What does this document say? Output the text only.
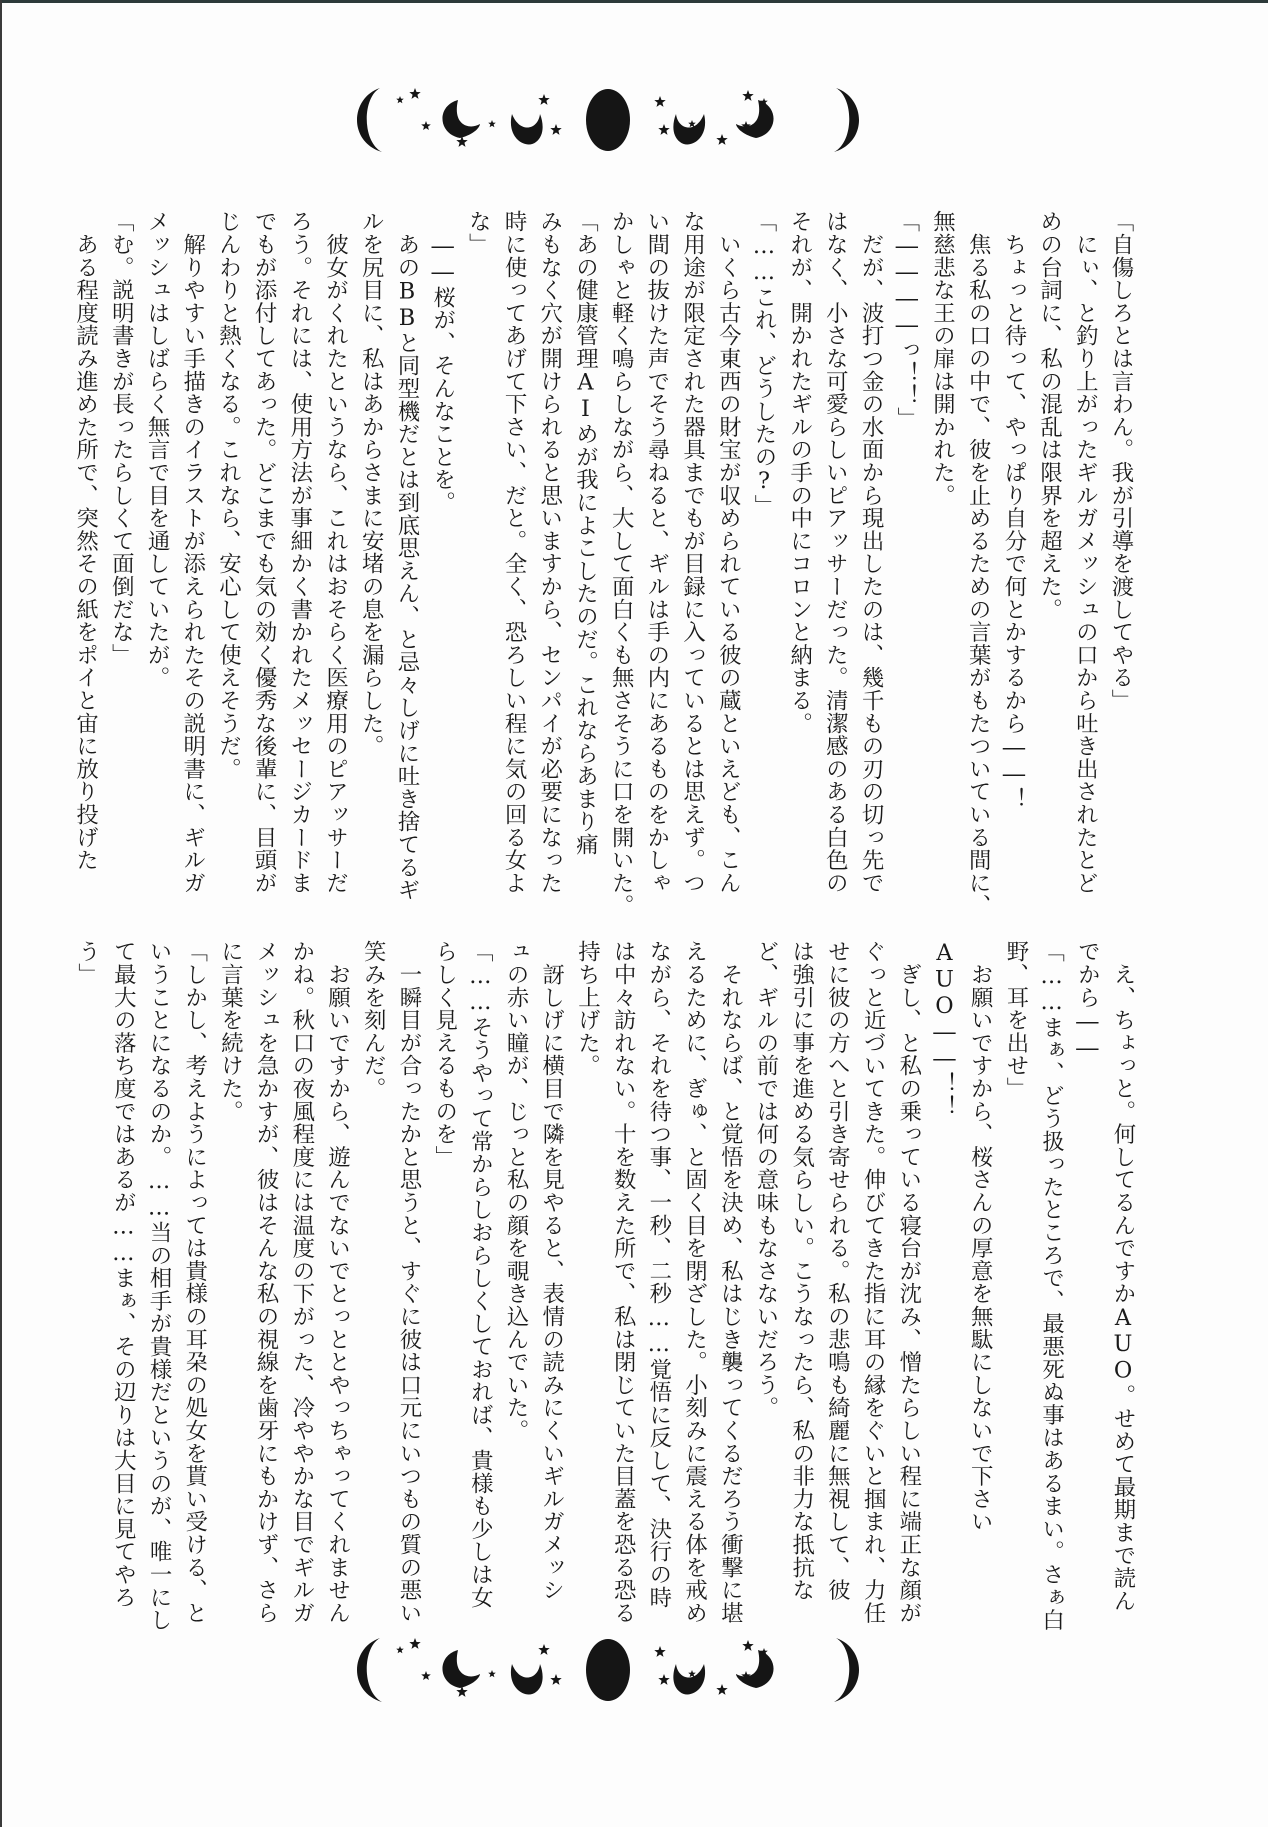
「自傷しろとは言わん。我が引導を渡してやる」
　にぃ、と釣り上がったギルガメッシュの口から吐き出されたとど
めの台詞に、私の混乱は限界を超えた。
　ちょっと待って、やっぱり自分で何とかするから――！
　焦る私の口の中で、彼を止めるための言葉がもたついている間に、
無慈悲な王の扉は開かれた。
「――――っ！！」
　だが、波打つ金の水面から現出したのは、幾千もの刃の切っ先で
はなく、小さな可愛らしいピアッサーだった。清潔感のある白色の
それが、開かれたギルの手の中にコロンと納まる。
「……これ、どうしたの?」
　いくら古今東西の財宝が収められている彼の蔵といえども、こん
な用途が限定された器具までもが目録に入っているとは思えず。つ
い間の抜けた声でそう尋ねると、ギルは手の内にあるものをかしゃ
かしゃと軽く鳴らしながら、大して面白くも無さそうに口を開いた。
「あの健康管理AIめが我によこしたのだ。これならあまり痛
みもなく穴が開けられると思いますから、センパイが必要になった
時に使ってあげて下さい、だと。全く、恐ろしい程に気の回る女よ
な」
　――桜が、そんなことを。
　あのBBと同型機だとは到底思えん、と忌々しげに吐き捨てるギ
ルを尻目に、私はあからさまに安堵の息を漏らした。
　彼女がくれたというなら、これはおそらく医療用のピアッサーだ
ろう。それには、使用方法が事細かく書かれたメッセージカードま
でもが添付してあった。どこまでも気の効く優秀な後輩に、目頭が
じんわりと熱くなる。これなら、安心して使えそうだ。
　解りやすい手描きのイラストが添えられたその説明書に、ギルガ
メッシュはしばらく無言で目を通していたが。
「む。説明書きが長ったらしくて面倒だな」
　ある程度読み進めた所で、突然その紙をポイと宙に放り投げた
　え、ちょっと。何してるんですかAUO。せめて最期まで読ん
でから――
「……まぁ、どう扱ったところで、最悪死ぬ事はあるまい。さぁ白
野、耳を出せ」
　お願いですから、桜さんの厚意を無駄にしないで下さい
AUO――！！
　ぎし、と私の乗っている寝台が沈み、憎たらしい程に端正な顔が
ぐっと近づいてきた。伸びてきた指に耳の縁をぐいと掴まれ、力任
せに彼の方へと引き寄せられる。私の悲鳴も綺麗に無視して、彼
は強引に事を進める気らしい。こうなったら、私の非力な抵抗な
ど、ギルの前では何の意味もなさないだろう。
　それならば、と覚悟を決め、私はじき襲ってくるだろう衝撃に堪
えるために、ぎゅ、と固く目を閉ざした。小刻みに震える体を戒め
ながら、それを待つ事、一秒、二秒……覚悟に反して、決行の時
は中々訪れない。十を数えた所で、私は閉じていた目蓋を恐る恐る
持ち上げた。
　訝しげに横目で隣を見やると、表情の読みにくいギルガメッシ
ュの赤い瞳が、じっと私の顔を覗き込んでいた。
「……そうやって常からしおらしくしておれば、貴様も少しは女
らしく見えるものを」
　一瞬目が合ったかと思うと、すぐに彼は口元にいつもの質の悪い
笑みを刻んだ。
　お願いですから、遊んでないでとっととやっちゃってくれません
かね。秋口の夜風程度には温度の下がった、冷ややかな目でギルガ
メッシュを急かすが、彼はそんな私の視線を歯牙にもかけず、さら
に言葉を続けた。
「しかし、考えようによっては貴様の耳朶の処女を貰い受ける、と
いうことになるのか。……当の相手が貴様だというのが、唯一にし
て最大の落ち度ではあるが……まぁ、その辺りは大目に見てやろ
う」
